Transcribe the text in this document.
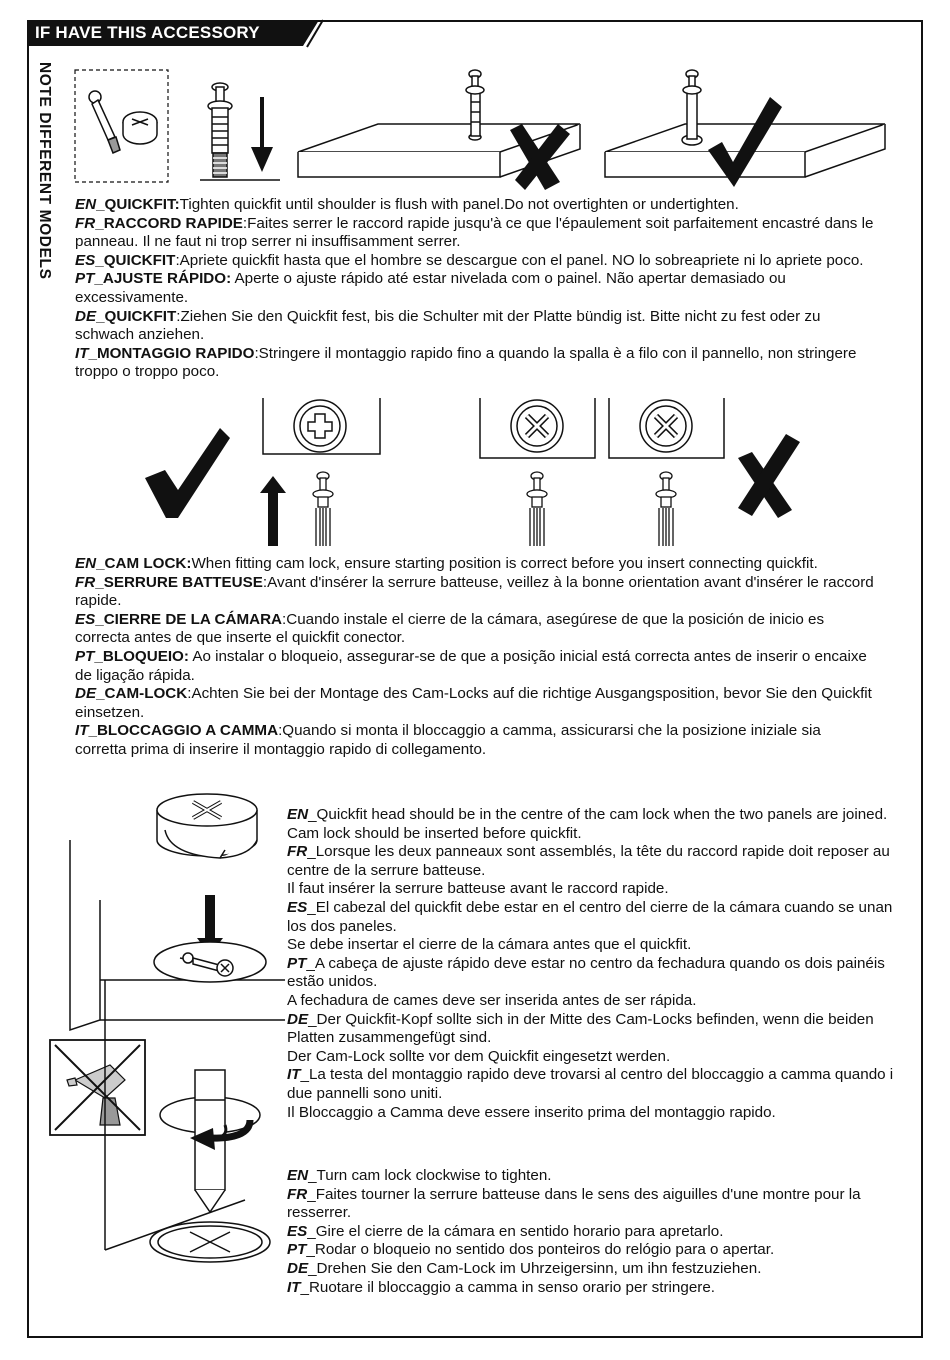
IF HAVE THIS ACCESSORY
NOTE DIFFERENT MODELS EN_QUICKFIT:Tighten quickfit until shoulder is flush with panel.Do not overtighten or undertighten.

FR_RACCORD RAPIDE:Faites serrer le raccord rapide jusqu'à ce que l'épaulement soit parfaitement encastré dans le panneau. Il ne faut ni trop serrer ni insuffisamment serrer.

ES_QUICKFIT:Apriete quickfit hasta que el hombre se descargue con el panel. NO lo sobreapriete ni lo apriete poco.

PT_AJUSTE RÁPIDO: Aperte o ajuste rápido até estar nivelada com o painel. Não apertar demasiado ou excessivamente.

DE_QUICKFIT:Ziehen Sie den Quickfit fest, bis die Schulter mit der Platte bündig ist. Bitte nicht zu fest oder zu schwach anziehen.

IT_MONTAGGIO RAPIDO:Stringere il montaggio rapido fino a quando la spalla è a filo con il pannello, non stringere troppo o troppo poco.

EN_CAM LOCK:When fitting cam lock, ensure starting position is correct before you insert connecting quickfit.

FR_SERRURE BATTEUSE:Avant d'insérer la serrure batteuse, veillez à la bonne orientation avant d'insérer le raccord rapide.

ES_CIERRE DE LA CÁMARA:Cuando instale el cierre de la cámara, asegúrese de que la posición de inicio es correcta antes de que inserte el quickfit conector.

PT_BLOQUEIO: Ao instalar o bloqueio, assegurar-se de que a posição inicial está correcta antes de inserir o encaixe de ligação rápida.

DE_CAM-LOCK:Achten Sie bei der Montage des Cam-Locks auf die richtige Ausgangsposition, bevor Sie den Quickfit einsetzen.

IT_BLOCCAGGIO A CAMMA:Quando si monta il bloccaggio a camma, assicurarsi che la posizione iniziale sia corretta prima di inserire il montaggio rapido di collegamento.

EN_Quickfit head should be in the centre of the cam lock when the two panels are joined.

Cam lock should be inserted before quickfit.

FR_Lorsque les deux panneaux sont assemblés, la tête du raccord rapide doit reposer au centre de la serrure batteuse.

Il faut insérer la serrure batteuse avant le raccord rapide.

ES_El cabezal del quickfit debe estar en el centro del cierre de la cámara cuando se unan los dos paneles.

Se debe insertar el cierre de la cámara antes que el quickfit.

PT_A cabeça de ajuste rápido deve estar no centro da fechadura quando os dois painéis estão unidos.

A fechadura de cames deve ser inserida antes de ser rápida.

DE_Der Quickfit-Kopf sollte sich in der Mitte des Cam-Locks befinden, wenn die beiden Platten zusammengefügt sind.

Der Cam-Lock sollte vor dem Quickfit eingesetzt werden.

IT_La testa del montaggio rapido deve trovarsi al centro del bloccaggio a camma quando i due pannelli sono uniti.

Il Bloccaggio a Camma deve essere inserito prima del montaggio rapido.

EN_Turn cam lock clockwise to tighten.

FR_Faites tourner la serrure batteuse dans le sens des aiguilles d'une montre pour la resserrer.

ES_Gire el cierre de la cámara en sentido horario para apretarlo.

PT_Rodar o bloqueio no sentido dos ponteiros do relógio para o apertar.

DE_Drehen Sie den Cam-Lock im Uhrzeigersinn, um ihn festzuziehen.

IT_Ruotare il bloccaggio a camma in senso orario per stringere.
